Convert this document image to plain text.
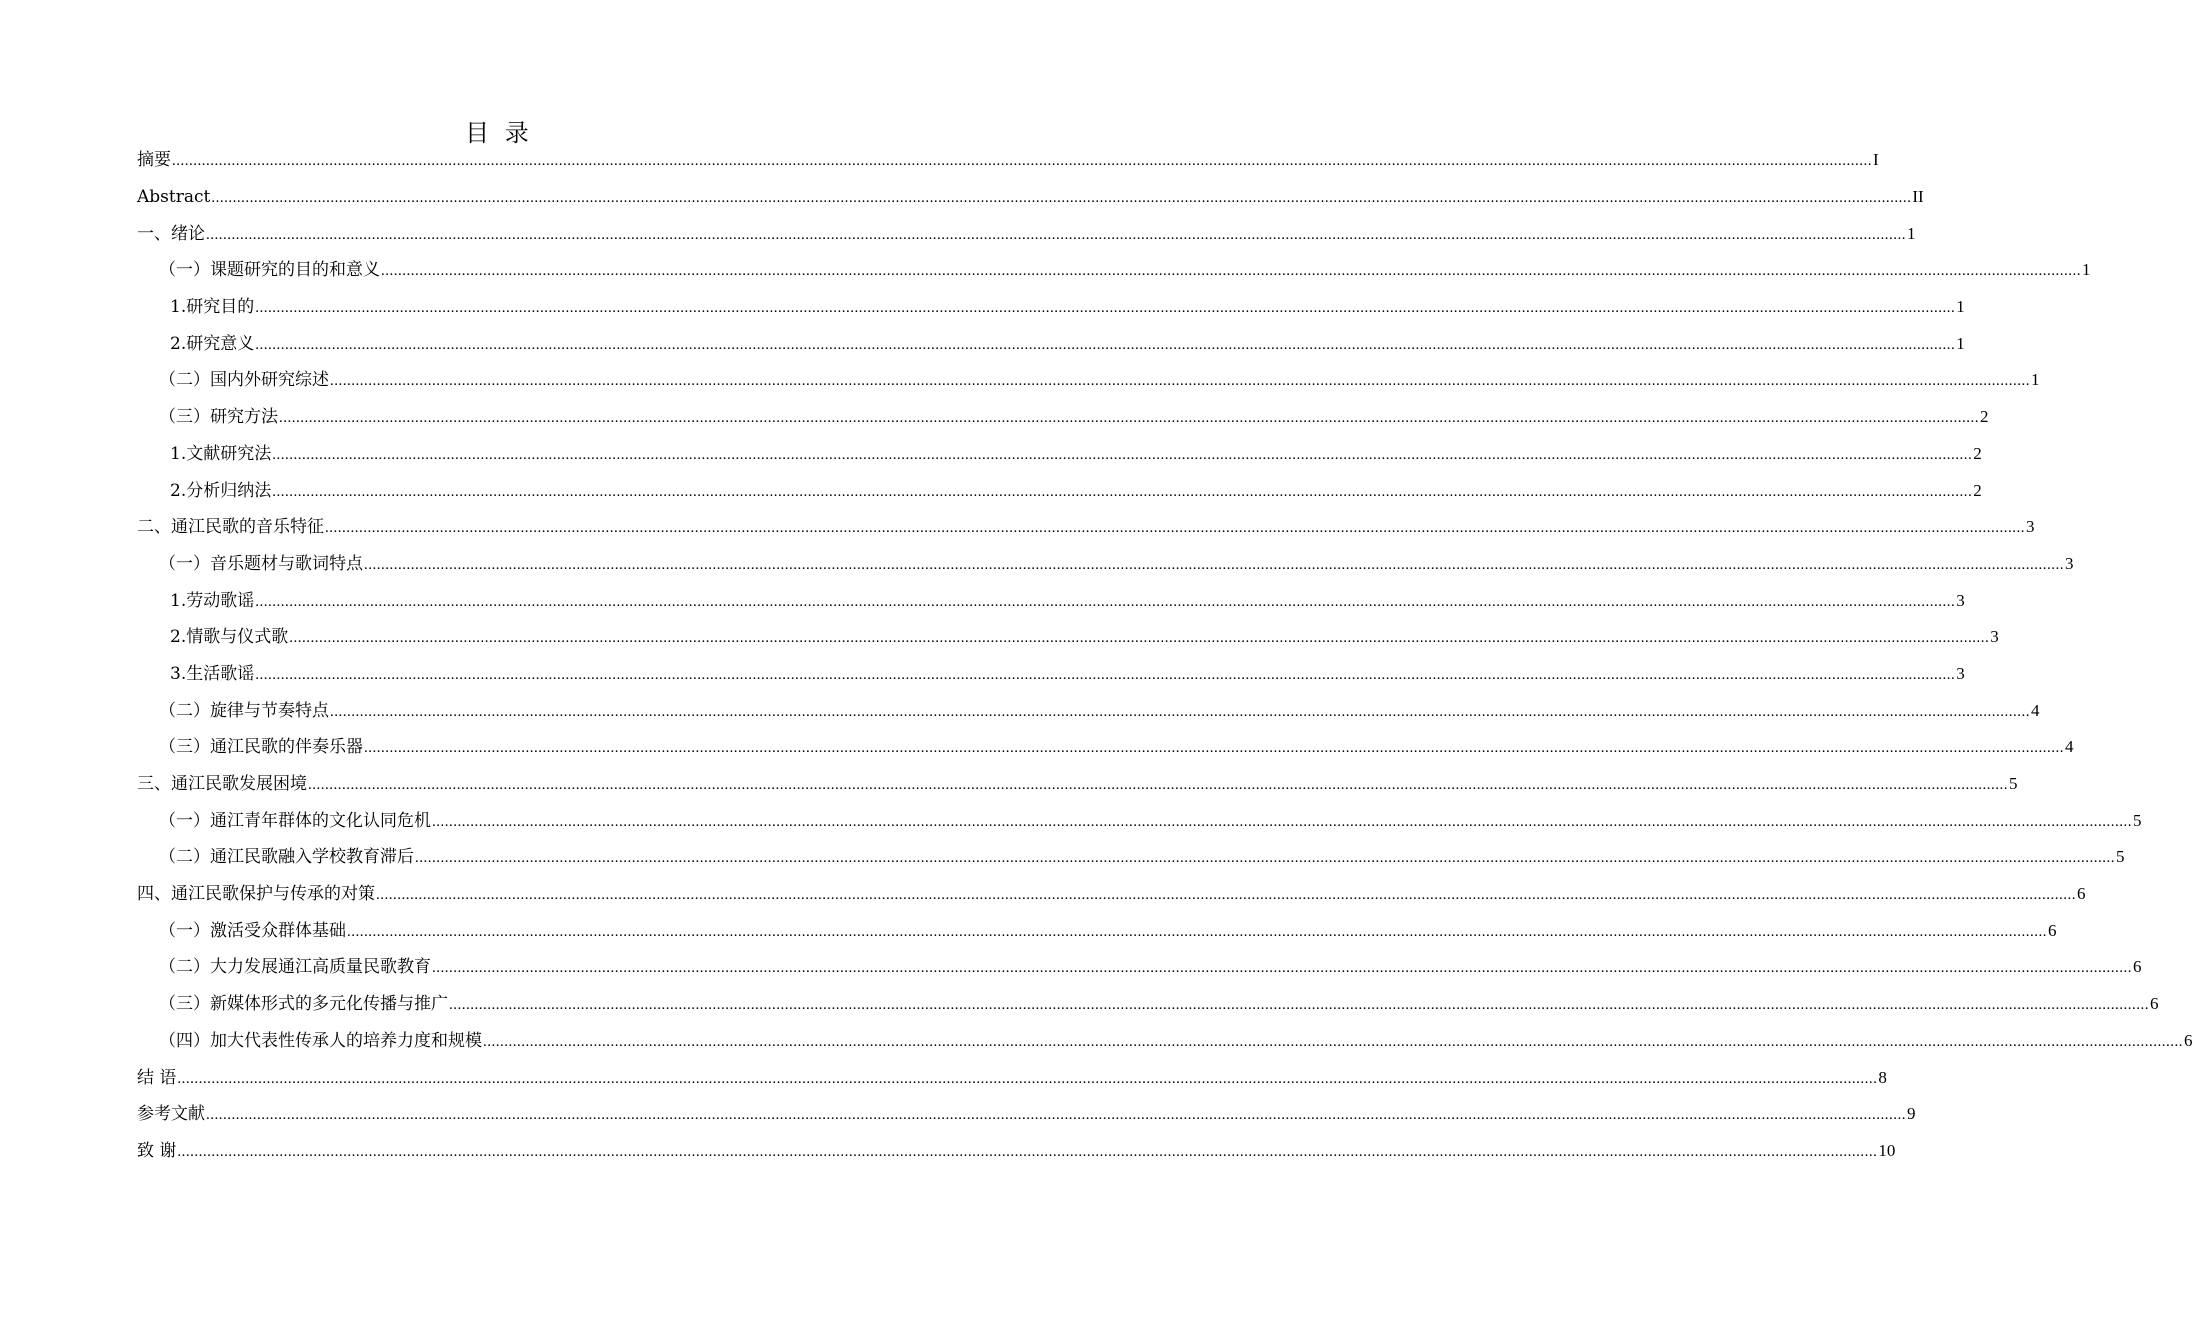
目 录
摘要 ................................................................................................................................................................................................................................................................................................................................................................................................................ I
Abstract ................................................................................................................................................................................................................................................................................................................................................................................................................ II
一、绪论 ................................................................................................................................................................................................................................................................................................................................................................................................................ 1
（一）课题研究的目的和意义 ................................................................................................................................................................................................................................................................................................................................................................................................................ 1
1.研究目的 ................................................................................................................................................................................................................................................................................................................................................................................................................ 1
2.研究意义 ................................................................................................................................................................................................................................................................................................................................................................................................................ 1
（二）国内外研究综述 ................................................................................................................................................................................................................................................................................................................................................................................................................ 1
（三）研究方法 ................................................................................................................................................................................................................................................................................................................................................................................................................ 2
1.文献研究法 ................................................................................................................................................................................................................................................................................................................................................................................................................ 2
2.分析归纳法 ................................................................................................................................................................................................................................................................................................................................................................................................................ 2
二、通江民歌的音乐特征 ................................................................................................................................................................................................................................................................................................................................................................................................................ 3
（一）音乐题材与歌词特点 ................................................................................................................................................................................................................................................................................................................................................................................................................ 3
1.劳动歌谣 ................................................................................................................................................................................................................................................................................................................................................................................................................ 3
2.情歌与仪式歌 ................................................................................................................................................................................................................................................................................................................................................................................................................ 3
3.生活歌谣 ................................................................................................................................................................................................................................................................................................................................................................................................................ 3
（二）旋律与节奏特点 ................................................................................................................................................................................................................................................................................................................................................................................................................ 4
（三）通江民歌的伴奏乐器 ................................................................................................................................................................................................................................................................................................................................................................................................................ 4
三、通江民歌发展困境 ................................................................................................................................................................................................................................................................................................................................................................................................................ 5
（一）通江青年群体的文化认同危机 ................................................................................................................................................................................................................................................................................................................................................................................................................ 5
（二）通江民歌融入学校教育滞后 ................................................................................................................................................................................................................................................................................................................................................................................................................ 5
四、通江民歌保护与传承的对策 ................................................................................................................................................................................................................................................................................................................................................................................................................ 6
（一）激活受众群体基础 ................................................................................................................................................................................................................................................................................................................................................................................................................ 6
（二）大力发展通江高质量民歌教育 ................................................................................................................................................................................................................................................................................................................................................................................................................ 6
（三）新媒体形式的多元化传播与推广 ................................................................................................................................................................................................................................................................................................................................................................................................................ 6
（四）加大代表性传承人的培养力度和规模 ................................................................................................................................................................................................................................................................................................................................................................................................................ 6
结 语 ................................................................................................................................................................................................................................................................................................................................................................................................................ 8
参考文献 ................................................................................................................................................................................................................................................................................................................................................................................................................ 9
致 谢 ................................................................................................................................................................................................................................................................................................................................................................................................................ 10
